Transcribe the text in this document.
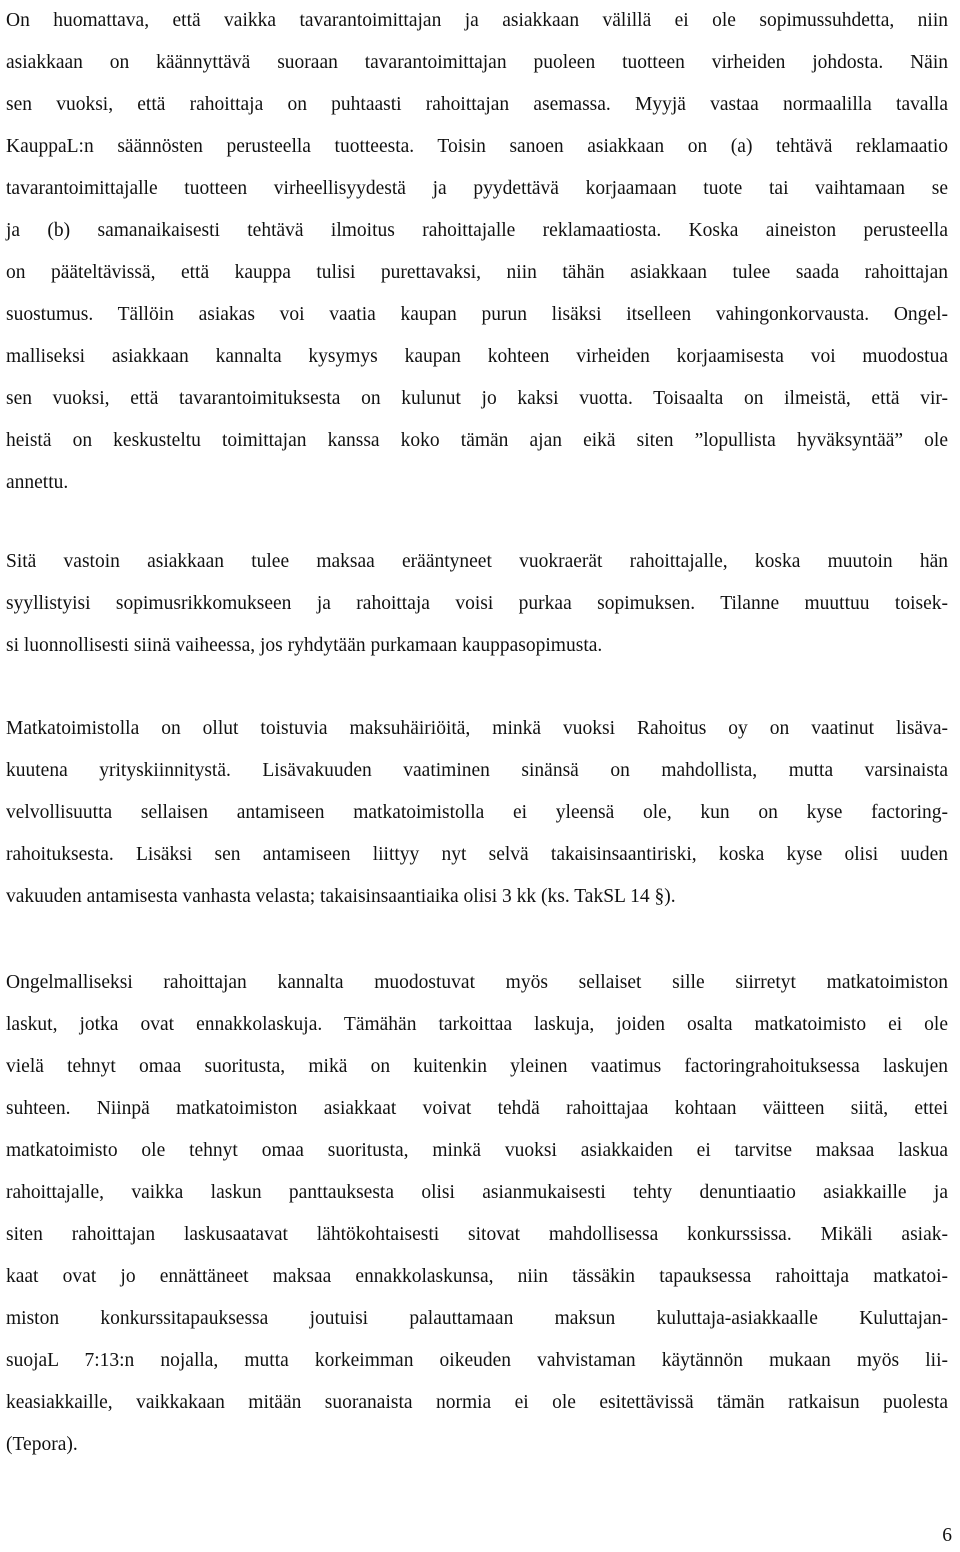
On huomattava, että vaikka tavarantoimittajan ja asiakkaan välillä ei ole sopimussuhdetta, niin
asiakkaan on käännyttävä suoraan tavarantoimittajan puoleen tuotteen virheiden johdosta. Näin
sen vuoksi, että rahoittaja on puhtaasti rahoittajan asemassa. Myyjä vastaa normaalilla tavalla
KauppaL:n säännösten perusteella tuotteesta. Toisin sanoen asiakkaan on (a) tehtävä reklamaatio
tavarantoimittajalle tuotteen virheellisyydestä ja pyydettävä korjaamaan tuote tai vaihtamaan se
ja (b) samanaikaisesti tehtävä ilmoitus rahoittajalle reklamaatiosta. Koska aineiston perusteella
on pääteltävissä, että kauppa tulisi purettavaksi, niin tähän asiakkaan tulee saada rahoittajan
suostumus. Tällöin asiakas voi vaatia kaupan purun lisäksi itselleen vahingonkorvausta. Ongel-
malliseksi asiakkaan kannalta kysymys kaupan kohteen virheiden korjaamisesta voi muodostua
sen vuoksi, että tavarantoimituksesta on kulunut jo kaksi vuotta. Toisaalta on ilmeistä, että vir-
heistä on keskusteltu toimittajan kanssa koko tämän ajan eikä siten ”lopullista hyväksyntää” ole
annettu.
Sitä vastoin asiakkaan tulee maksaa erääntyneet vuokraerät rahoittajalle, koska muutoin hän
syyllistyisi sopimusrikkomukseen ja rahoittaja voisi purkaa sopimuksen. Tilanne muuttuu toisek-
si luonnollisesti siinä vaiheessa, jos ryhdytään purkamaan kauppasopimusta.
Matkatoimistolla on ollut toistuvia maksuhäiriöitä, minkä vuoksi Rahoitus oy on vaatinut lisäva-
kuutena yrityskiinnitystä. Lisävakuuden vaatiminen sinänsä on mahdollista, mutta varsinaista
velvollisuutta sellaisen antamiseen matkatoimistolla ei yleensä ole, kun on kyse factoring-
rahoituksesta. Lisäksi sen antamiseen liittyy nyt selvä takaisinsaantiriski, koska kyse olisi uuden
vakuuden antamisesta vanhasta velasta; takaisinsaantiaika olisi 3 kk (ks. TakSL 14 §).
Ongelmalliseksi rahoittajan kannalta muodostuvat myös sellaiset sille siirretyt matkatoimiston
laskut, jotka ovat ennakkolaskuja. Tämähän tarkoittaa laskuja, joiden osalta matkatoimisto ei ole
vielä tehnyt omaa suoritusta, mikä on kuitenkin yleinen vaatimus factoringrahoituksessa laskujen
suhteen. Niinpä matkatoimiston asiakkaat voivat tehdä rahoittajaa kohtaan väitteen siitä, ettei
matkatoimisto ole tehnyt omaa suoritusta, minkä vuoksi asiakkaiden ei tarvitse maksaa laskua
rahoittajalle, vaikka laskun panttauksesta olisi asianmukaisesti tehty denuntiaatio asiakkaille ja
siten rahoittajan laskusaatavat lähtökohtaisesti sitovat mahdollisessa konkurssissa. Mikäli asiak-
kaat ovat jo ennättäneet maksaa ennakkolaskunsa, niin tässäkin tapauksessa rahoittaja matkatoi-
miston konkurssitapauksessa joutuisi palauttamaan maksun kuluttaja-asiakkaalle Kuluttajan-
suojaL 7:13:n nojalla, mutta korkeimman oikeuden vahvistaman käytännön mukaan myös lii-
keasiakkaille, vaikkakaan mitään suoranaista normia ei ole esitettävissä tämän ratkaisun puolesta
(Tepora).
6
